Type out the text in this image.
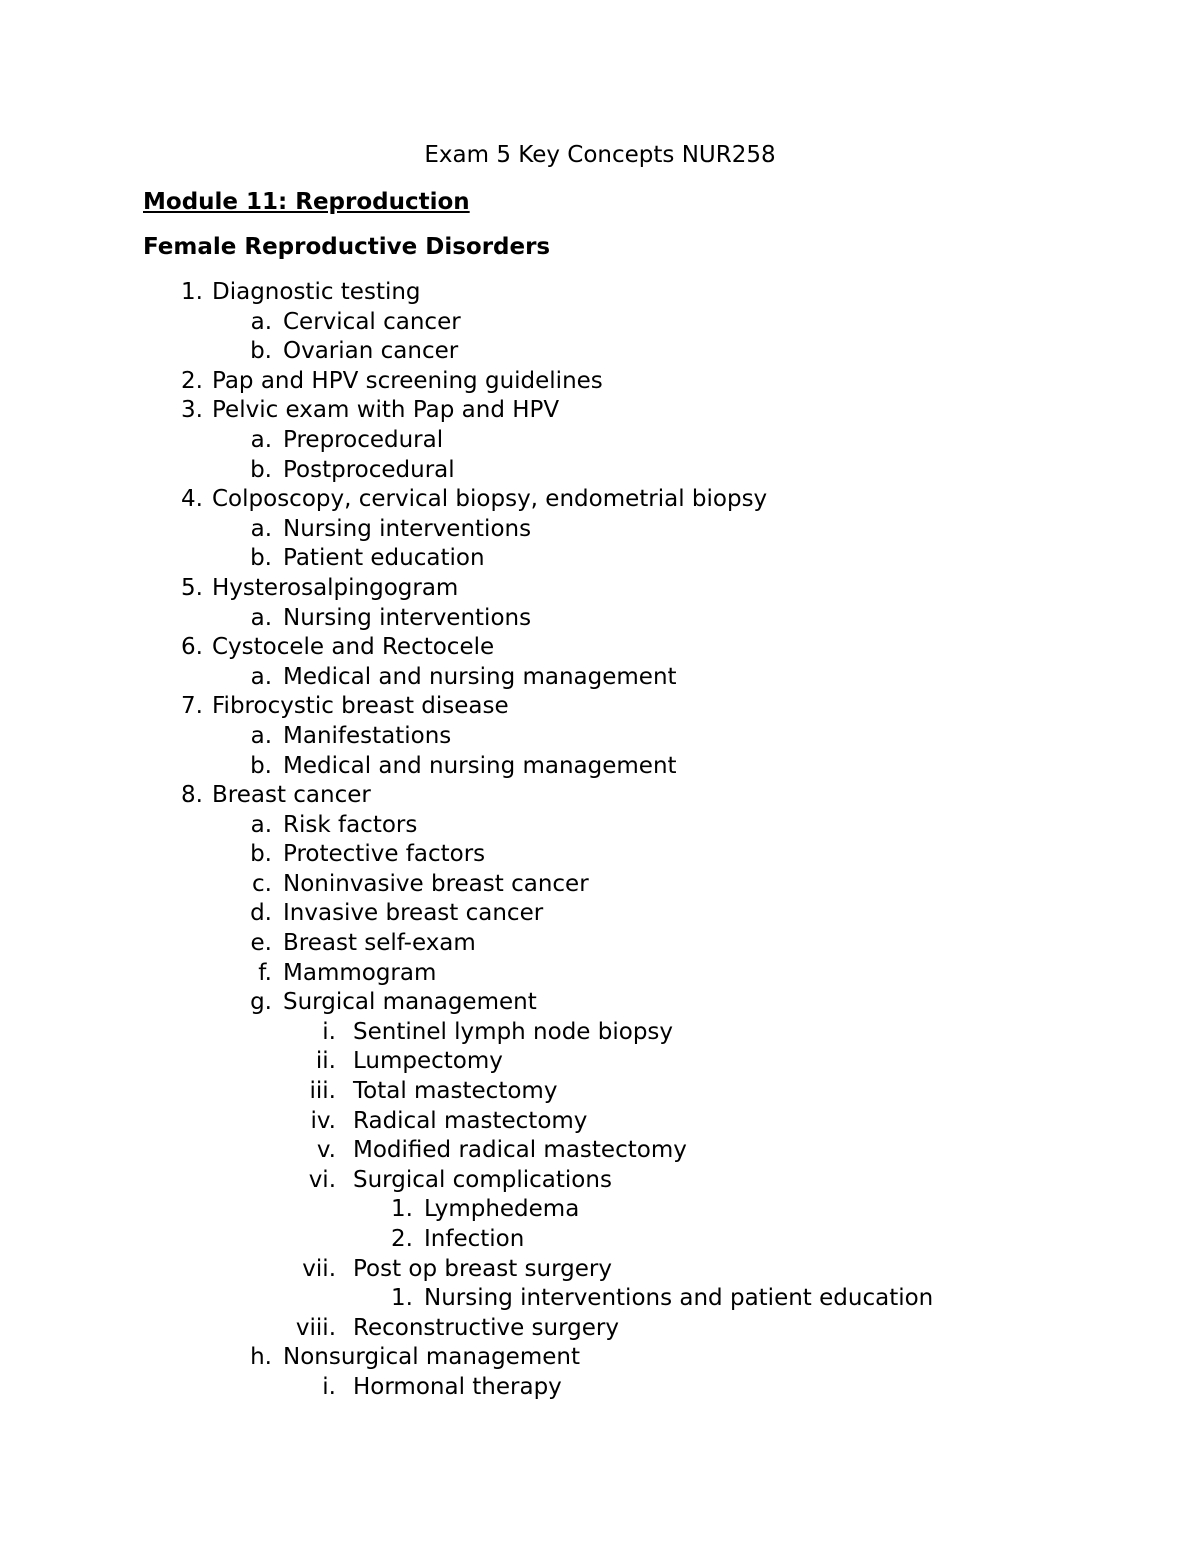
Exam 5 Key Concepts NUR258
Module 11: Reproduction
Female Reproductive Disorders
1. Diagnostic testing
a. Cervical cancer
b. Ovarian cancer
2. Pap and HPV screening guidelines
3. Pelvic exam with Pap and HPV
a. Preprocedural
b. Postprocedural
4. Colposcopy, cervical biopsy, endometrial biopsy
a. Nursing interventions
b. Patient education
5. Hysterosalpingogram
a. Nursing interventions
6. Cystocele and Rectocele
a. Medical and nursing management
7. Fibrocystic breast disease
a. Manifestations
b. Medical and nursing management
8. Breast cancer
a. Risk factors
b. Protective factors
c. Noninvasive breast cancer
d. Invasive breast cancer
e. Breast self-exam
f. Mammogram
g. Surgical management
i. Sentinel lymph node biopsy
ii. Lumpectomy
iii. Total mastectomy
iv. Radical mastectomy
v. Modified radical mastectomy
vi. Surgical complications
1. Lymphedema
2. Infection
vii. Post op breast surgery
1. Nursing interventions and patient education
viii. Reconstructive surgery
h. Nonsurgical management
i. Hormonal therapy
